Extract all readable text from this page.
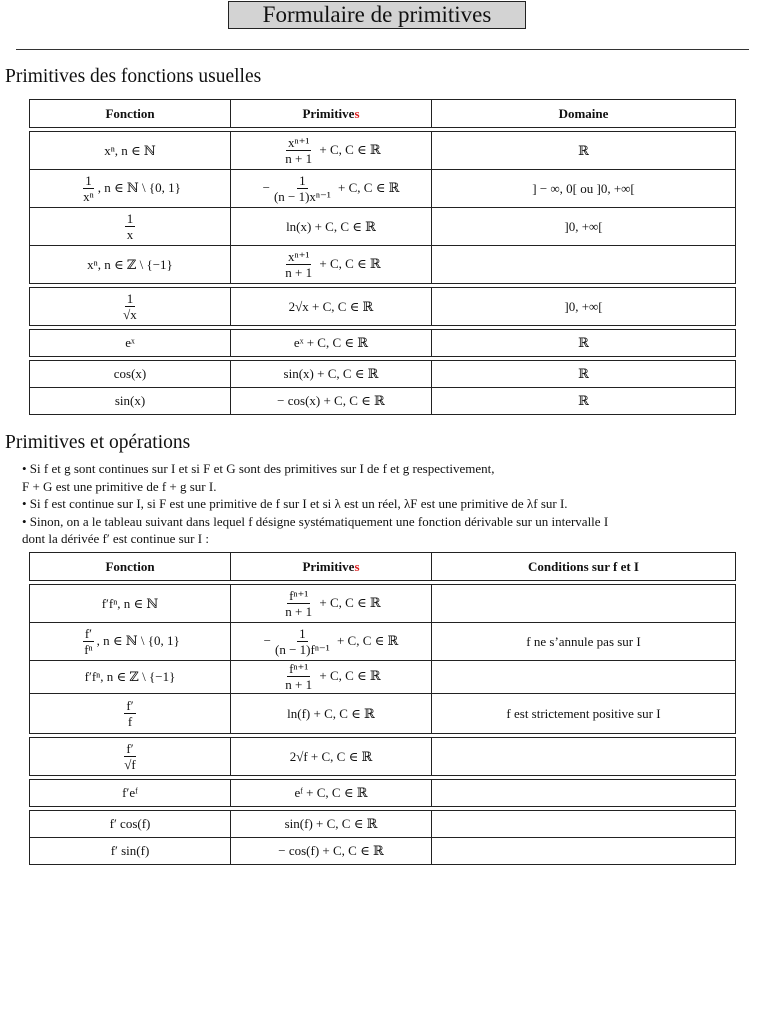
Formulaire de primitives
Primitives des fonctions usuelles
Fonction	Primitives	Domaine

xⁿ, n ∈ ℕ	$\frac{\text{xⁿ⁺¹}}{n + 1} + C$, C ∈ ℝ	ℝ

$\frac{1}{\text{xⁿ}}$ , n ∈ ℕ \ {0, 1}	− $\frac{1}{\text{(n − 1)xⁿ⁻¹}} + C$, C ∈ ℝ	] − ∞, 0[ ou ]0, +∞[

$\frac{1}{x}$	ln(x) + C, C ∈ ℝ	]0, +∞[
xⁿ, n ∈ ℤ \ {−1}	$\frac{\text{xⁿ⁺¹}}{n + 1} + C$, C ∈ ℝ	

$\frac{1}{√x}$	2√x + C, C ∈ ℝ	]0, +∞[

eˣ	eˣ + C, C ∈ ℝ	ℝ

cos(x)	sin(x) + C, C ∈ ℝ	ℝ
sin(x)	− cos(x) + C, C ∈ ℝ	ℝ
Primitives et opérations

• Si f et g sont continues sur I et si F et G sont des primitives sur I de f et g respectivement,

F + G est une primitive de f + g sur I.

• Si f est continue sur I, si F est une primitive de f sur I et si λ est un réel, λF est une primitive de λf sur I.

• Sinon, on a le tableau suivant dans lequel f désigne systématiquement une fonction dérivable sur un intervalle I

dont la dérivée f′ est continue sur I :

Fonction	Primitives	Conditions sur f et I

f′fⁿ, n ∈ ℕ	$\frac{\text{fⁿ⁺¹}}{n + 1} + C$, C ∈ ℝ	

$\frac{f'}{\text{fⁿ}}$ , n ∈ ℕ \ {0, 1}	− $\frac{1}{\text{(n − 1)fⁿ⁻¹}} + C$, C ∈ ℝ	f ne s’annule pas sur I
f′fⁿ, n ∈ ℤ \ {−1}	$\frac{\text{fⁿ⁺¹}}{n + 1} + C$, C ∈ ℝ	

$\frac{f'}{f}$	ln(f) + C, C ∈ ℝ	f est strictement positive sur I

$\frac{f'}{√f}$	2√f + C, C ∈ ℝ	

f′eᶠ	eᶠ + C, C ∈ ℝ	

f′ cos(f)	sin(f) + C, C ∈ ℝ	
f′ sin(f)	− cos(f) + C, C ∈ ℝ	
